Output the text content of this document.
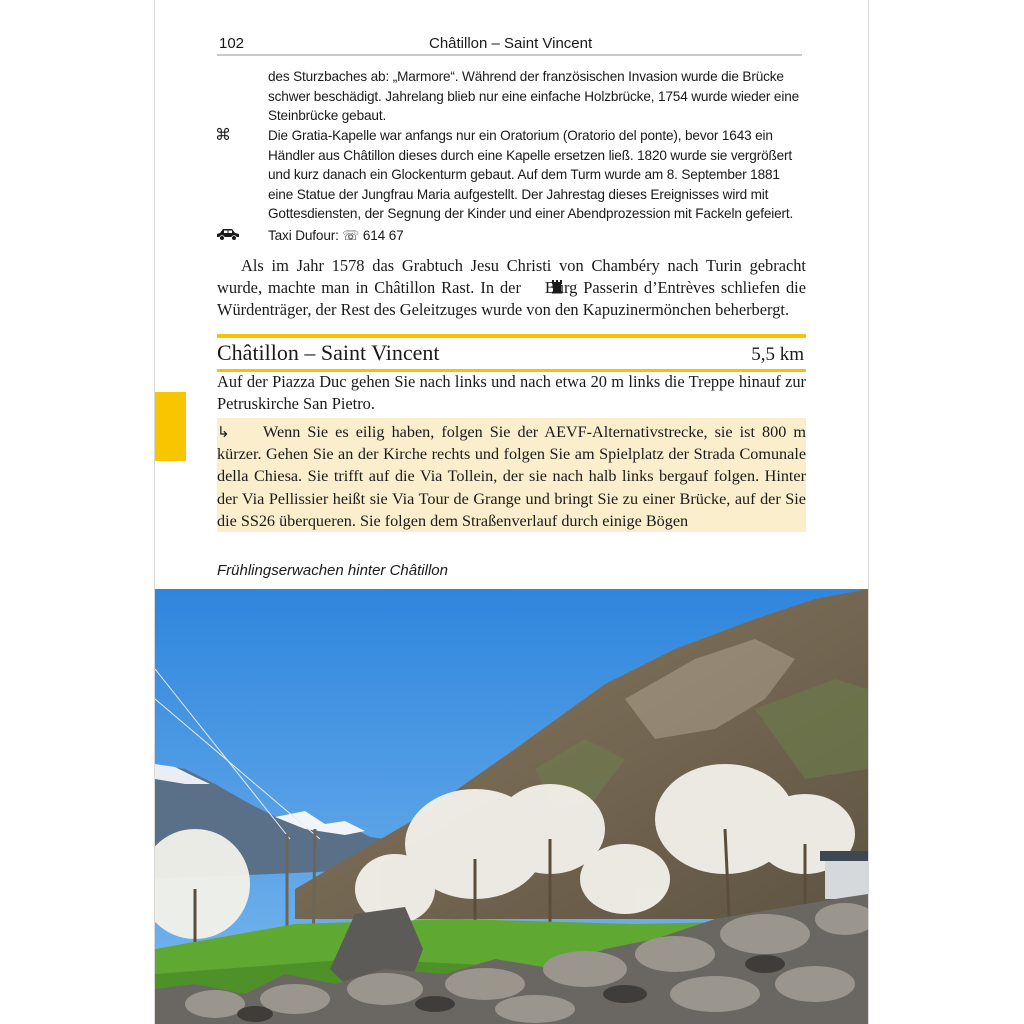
102	Châtillon – Saint Vincent

des Sturzbaches ab: „Marmore“. Während der französischen Invasion wurde die Brücke schwer beschädigt. Jahrelang blieb nur eine einfache Holzbrücke, 1754 wurde wieder eine Steinbrücke gebaut.

⌘	Die Gratia-Kapelle war anfangs nur ein Oratorium (Oratorio del ponte), bevor 1643 ein Händler aus Châtillon dieses durch eine Kapelle ersetzen ließ. 1820 wurde sie vergrößert und kurz danach ein Glockenturm gebaut. Auf dem Turm wurde am 8. September 1881 eine Statue der Jungfrau Maria aufgestellt. Der Jahrestag dieses Ereignisses wird mit Gottesdiensten, der Segnung der Kinder und einer Abendprozession mit Fackeln gefeiert.

Taxi Dufour: ☏ 614 67

Als im Jahr 1578 das Grabtuch Jesu Christi von Chambéry nach Turin gebracht wurde, machte man in Châtillon Rast. In der Burg Passerin d’Entrèves schliefen die Würdenträger, der Rest des Geleitzuges wurde von den Kapuzinermönchen beherbergt.
Châtillon – Saint Vincent	5,5 km
Auf der Piazza Duc gehen Sie nach links und nach etwa 20 m links die Treppe hinauf zur Petruskirche San Pietro.
↳ Wenn Sie es eilig haben, folgen Sie der AEVF-Alternativstrecke, sie ist 800 m kürzer. Gehen Sie an der Kirche rechts und folgen Sie am Spielplatz der Strada Comunale della Chiesa. Sie trifft auf die Via Tollein, der sie nach halb links bergauf folgen. Hinter der Via Pellissier heißt sie Via Tour de Grange und bringt Sie zu einer Brücke, auf der Sie die SS26 überqueren. Sie folgen dem Straßenverlauf durch einige Bögen
Frühlingserwachen hinter Châtillon
